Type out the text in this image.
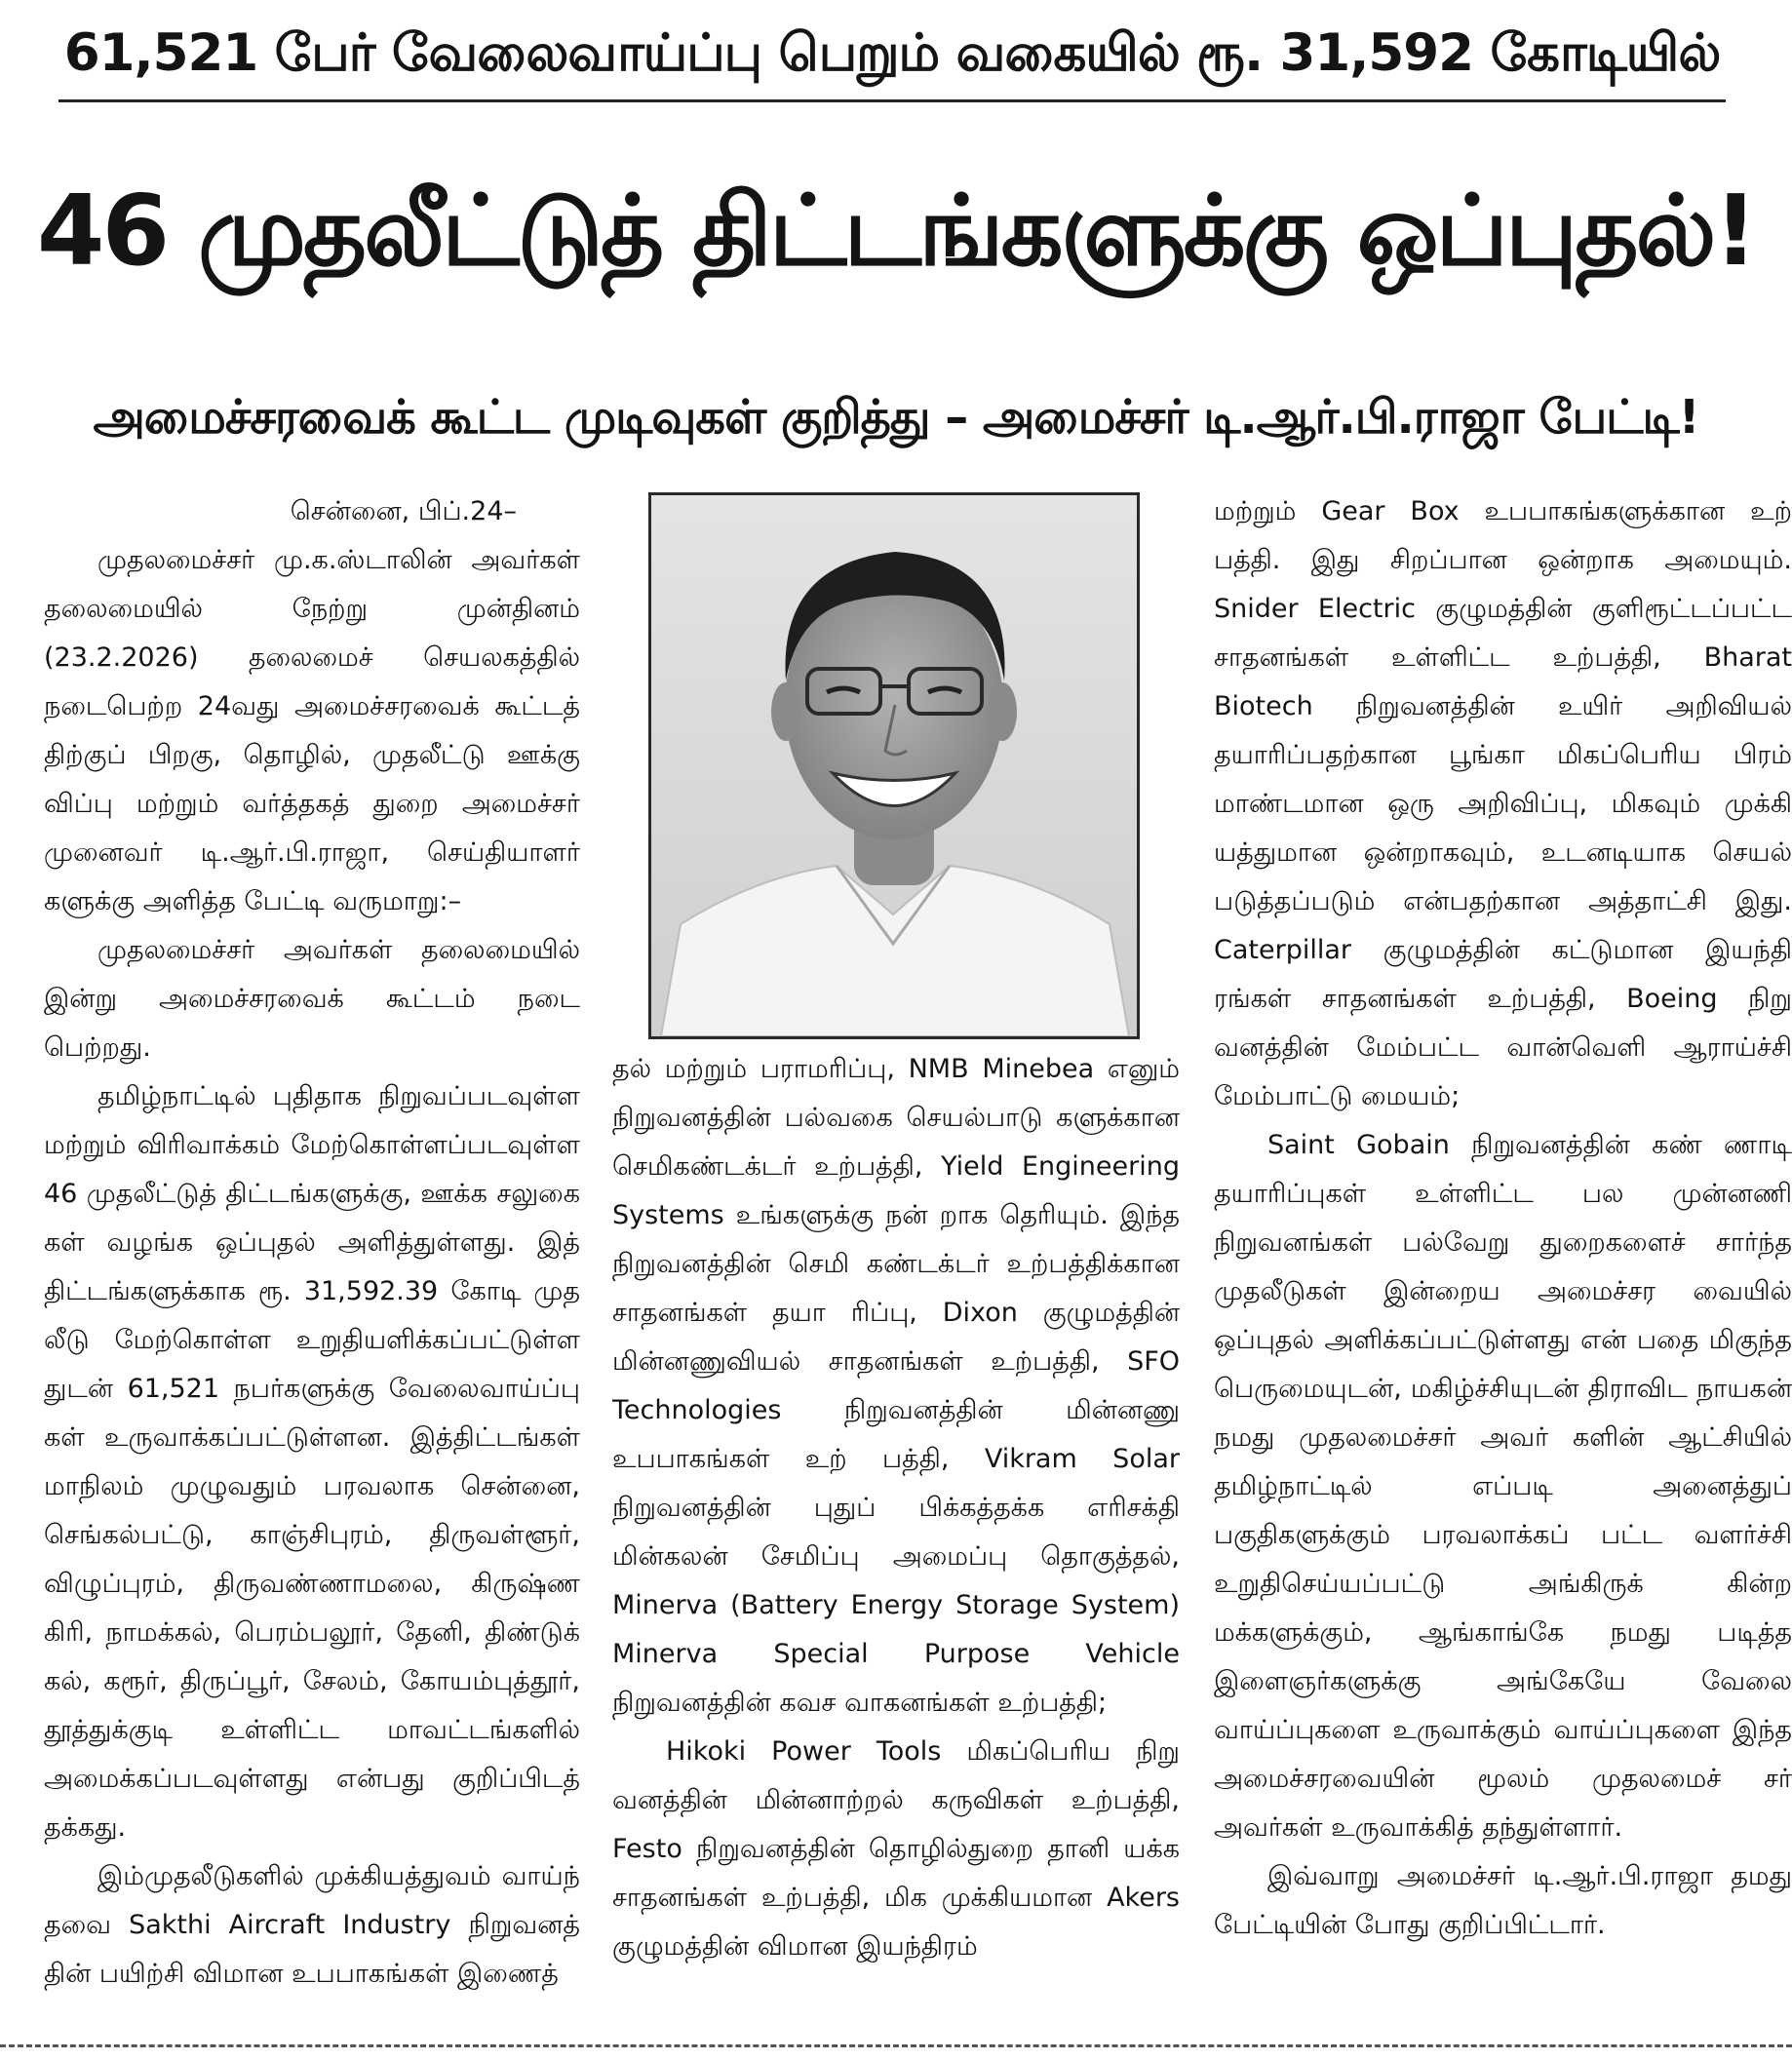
61,521 பேர் வேலைவாய்ப்பு பெறும் வகையில் ரூ. 31,592 கோடியில்
46 முதலீட்டுத் திட்டங்களுக்கு ஒப்புதல்!
அமைச்சரவைக் கூட்ட முடிவுகள் குறித்து – அமைச்சர் டி.ஆர்.பி.ராஜா பேட்டி!

சென்னை, பிப்.24–

முதலமைச்சர் மு.க.ஸ்டாலின் அவர்கள் தலைமையில் நேற்று முன்தினம் (23.2.2026) தலைமைச் செயலகத்தில் நடைபெற்ற 24வது அமைச்சரவைக் கூட்டத் திற்குப் பிறகு, தொழில், முதலீட்டு ஊக்கு விப்பு மற்றும் வர்த்தகத் துறை அமைச்சர் முனைவர் டி.ஆர்.பி.ராஜா, செய்தியாளர் களுக்கு அளித்த பேட்டி வருமாறு:–

முதலமைச்சர் அவர்கள் தலைமையில் இன்று அமைச்சரவைக் கூட்டம் நடை பெற்றது.

தமிழ்நாட்டில் புதிதாக நிறுவப்படவுள்ள மற்றும் விரிவாக்கம் மேற்கொள்ளப்படவுள்ள 46 முதலீட்டுத் திட்டங்களுக்கு, ஊக்க சலுகை கள் வழங்க ஒப்புதல் அளித்துள்ளது. இத் திட்டங்களுக்காக ரூ. 31,592.39 கோடி முத லீடு மேற்கொள்ள உறுதியளிக்கப்பட்டுள்ள துடன் 61,521 நபர்களுக்கு வேலைவாய்ப்பு கள் உருவாக்கப்பட்டுள்ளன. இத்திட்டங்கள் மாநிலம் முழுவதும் பரவலாக சென்னை, செங்கல்பட்டு, காஞ்சிபுரம், திருவள்ளூர், விழுப்புரம், திருவண்ணாமலை, கிருஷ்ண கிரி, நாமக்கல், பெரம்பலூர், தேனி, திண்டுக் கல், கரூர், திருப்பூர், சேலம், கோயம்புத்தூர், தூத்துக்குடி உள்ளிட்ட மாவட்டங்களில் அமைக்கப்படவுள்ளது என்பது குறிப்பிடத் தக்கது.

இம்முதலீடுகளில் முக்கியத்துவம் வாய்ந் தவை Sakthi Aircraft Industry நிறுவனத் தின் பயிற்சி விமான உபபாகங்கள் இணைத்

தல் மற்றும் பராமரிப்பு, NMB Minebea எனும் நிறுவனத்தின் பல்வகை செயல்பாடு களுக்கான செமிகண்டக்டர் உற்பத்தி, Yield Engineering Systems உங்களுக்கு நன் றாக தெரியும். இந்த நிறுவனத்தின் செமி கண்டக்டர் உற்பத்திக்கான சாதனங்கள் தயா ரிப்பு, Dixon குழுமத்தின் மின்னணுவியல் சாதனங்கள் உற்பத்தி, SFO Technologies நிறுவனத்தின் மின்னணு உபபாகங்கள் உற் பத்தி, Vikram Solar நிறுவனத்தின் புதுப் பிக்கத்தக்க எரிசக்தி மின்கலன் சேமிப்பு அமைப்பு தொகுத்தல், Minerva (Battery Energy Storage System) Minerva Special Purpose Vehicle நிறுவனத்தின் கவச வாகனங்கள் உற்பத்தி;

Hikoki Power Tools மிகப்பெரிய நிறு வனத்தின் மின்னாற்றல் கருவிகள் உற்பத்தி, Festo நிறுவனத்தின் தொழில்துறை தானி யக்க சாதனங்கள் உற்பத்தி, மிக முக்கியமான Akers குழுமத்தின் விமான இயந்திரம்

மற்றும் Gear Box உபபாகங்களுக்கான உற் பத்தி. இது சிறப்பான ஒன்றாக அமையும். Snider Electric குழுமத்தின் குளிரூட்டப்பட்ட சாதனங்கள் உள்ளிட்ட உற்பத்தி, Bharat Biotech நிறுவனத்தின் உயிர் அறிவியல் தயாரிப்பதற்கான பூங்கா மிகப்பெரிய பிரம் மாண்டமான ஒரு அறிவிப்பு, மிகவும் முக்கி யத்துமான ஒன்றாகவும், உடனடியாக செயல் படுத்தப்படும் என்பதற்கான அத்தாட்சி இது. Caterpillar குழுமத்தின் கட்டுமான இயந்தி ரங்கள் சாதனங்கள் உற்பத்தி, Boeing நிறு வனத்தின் மேம்பட்ட வான்வெளி ஆராய்ச்சி மேம்பாட்டு மையம்;

Saint Gobain நிறுவனத்தின் கண் ணாடி தயாரிப்புகள் உள்ளிட்ட பல முன்னணி நிறுவனங்கள் பல்வேறு துறைகளைச் சார்ந்த முதலீடுகள் இன்றைய அமைச்சர வையில் ஒப்புதல் அளிக்கப்பட்டுள்ளது என் பதை மிகுந்த பெருமையுடன், மகிழ்ச்சியுடன் திராவிட நாயகன் நமது முதலமைச்சர் அவர் களின் ஆட்சியில் தமிழ்நாட்டில் எப்படி அனைத்துப் பகுதிகளுக்கும் பரவலாக்கப் பட்ட வளர்ச்சி உறுதிசெய்யப்பட்டு அங்கிருக் கின்ற மக்களுக்கும், ஆங்காங்கே நமது படித்த இளைஞர்களுக்கு அங்கேயே வேலை வாய்ப்புகளை உருவாக்கும் வாய்ப்புகளை இந்த அமைச்சரவையின் மூலம் முதலமைச் சர் அவர்கள் உருவாக்கித் தந்துள்ளார்.

இவ்வாறு அமைச்சர் டி.ஆர்.பி.ராஜா தமது பேட்டியின் போது குறிப்பிட்டார்.
